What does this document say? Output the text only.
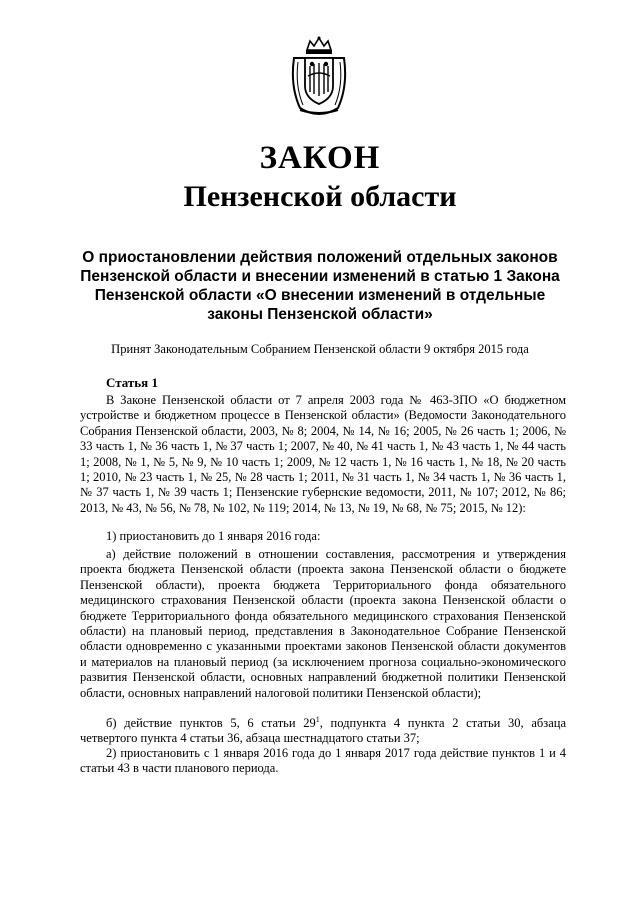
ЗАКОН
Пензенской области
О приостановлении действия положений отдельных законов Пензенской области и внесении изменений в статью 1 Закона Пензенской области «О внесении изменений в отдельные законы Пензенской области»
Принят Законодательным Собранием Пензенской области 9 октября 2015 года
Статья 1
В Законе Пензенской области от 7 апреля 2003 года № 463-ЗПО «О бюджетном устройстве и бюджетном процессе в Пензенской области» (Ведомости Законодательного Собрания Пензенской области, 2003, № 8; 2004, № 14, № 16; 2005, № 26 часть 1; 2006, № 33 часть 1, № 36 часть 1, № 37 часть 1; 2007, № 40, № 41 часть 1, № 43 часть 1, № 44 часть 1; 2008, № 1, № 5, № 9, № 10 часть 1; 2009, № 12 часть 1, № 16 часть 1, № 18, № 20 часть 1; 2010, № 23 часть 1, № 25, № 28 часть 1; 2011, № 31 часть 1, № 34 часть 1, № 36 часть 1, № 37 часть 1, № 39 часть 1; Пензенские губернские ведомости, 2011, № 107; 2012, № 86; 2013, № 43, № 56, № 78, № 102, № 119; 2014, № 13, № 19, № 68, № 75; 2015, № 12):
1) приостановить до 1 января 2016 года:
а) действие положений в отношении составления, рассмотрения и утверждения проекта бюджета Пензенской области (проекта закона Пензенской области о бюджете Пензенской области), проекта бюджета Территориального фонда обязательного медицинского страхования Пензенской области (проекта закона Пензенской области о бюджете Территориального фонда обязательного медицинского страхования Пензенской области) на плановый период, представления в Законодательное Собрание Пензенской области одновременно с указанными проектами законов Пензенской области документов и материалов на плановый период (за исключением прогноза социально-экономического развития Пензенской области, основных направлений бюджетной политики Пензенской области, основных направлений налоговой политики Пензенской области);
б) действие пунктов 5, 6 статьи $29^1$, подпункта 4 пункта 2 статьи 30, абзаца четвертого пункта 4 статьи 36, абзаца шестнадцатого статьи 37;
2) приостановить с 1 января 2016 года до 1 января 2017 года действие пунктов 1 и 4 статьи 43 в части планового периода.
